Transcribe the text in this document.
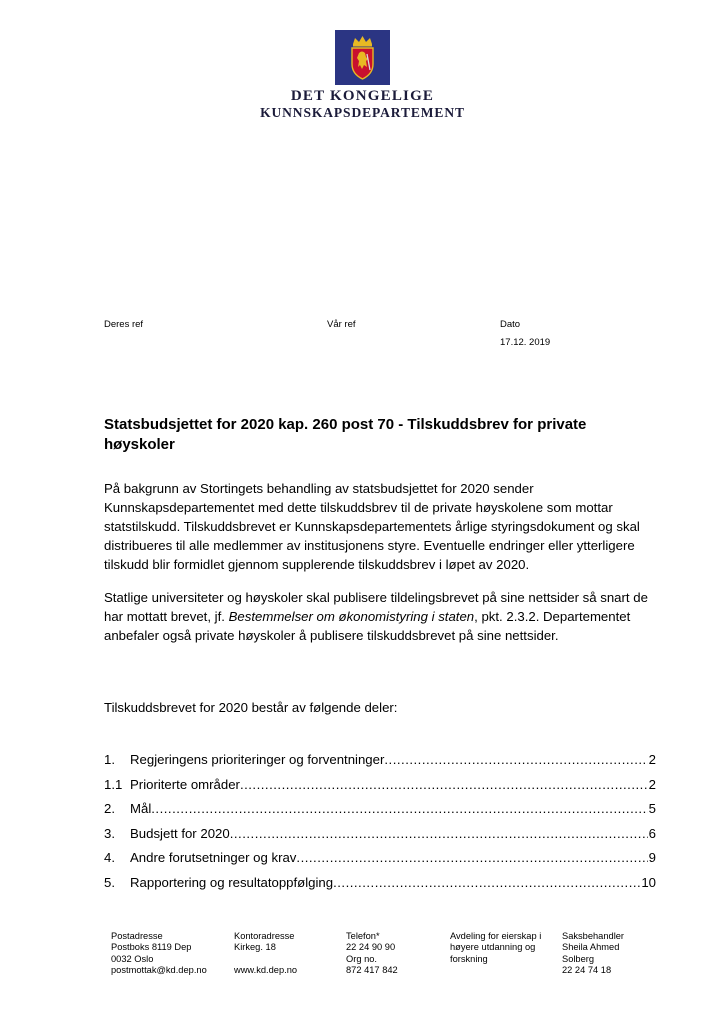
DET KONGELIGE
KUNNSKAPSDEPARTEMENT
Deres ref	Vår ref	Dato
17.12. 2019
Statsbudsjettet for 2020 kap. 260 post 70 - Tilskuddsbrev for private høyskoler

På bakgrunn av Stortingets behandling av statsbudsjettet for 2020 sender Kunnskapsdepartementet med dette tilskuddsbrev til de private høyskolene som mottar statstilskudd. Tilskuddsbrevet er Kunnskapsdepartementets årlige styringsdokument og skal distribueres til alle medlemmer av institusjonens styre. Eventuelle endringer eller ytterligere tilskudd blir formidlet gjennom supplerende tilskuddsbrev i løpet av 2020.

Statlige universiteter og høyskoler skal publisere tildelingsbrevet på sine nettsider så snart de har mottatt brevet, jf. Bestemmelser om økonomistyring i staten, pkt. 2.3.2. Departementet anbefaler også private høyskoler å publisere tilskuddsbrevet på sine nettsider.

Tilskuddsbrevet for 2020 består av følgende deler:

1.	Regjeringens prioriteringer og forventninger .....	2
1.1 Prioriterte områder .....	2
2.	Mål .....	5
3.	Budsjett for 2020 .....	6
4.	Andre forutsetninger og krav .....	9
5.	Rapportering og resultatoppfølging .....	10
Postadresse
Postboks 8119 Dep
0032 Oslo
postmottak@kd.dep.no
Kontoradresse
Kirkeg. 18

www.kd.dep.no
Telefon*
22 24 90 90
Org no.
872 417 842
Avdeling for eierskap i
høyere utdanning og
forskning
Saksbehandler
Sheila Ahmed
Solberg
22 24 74 18
